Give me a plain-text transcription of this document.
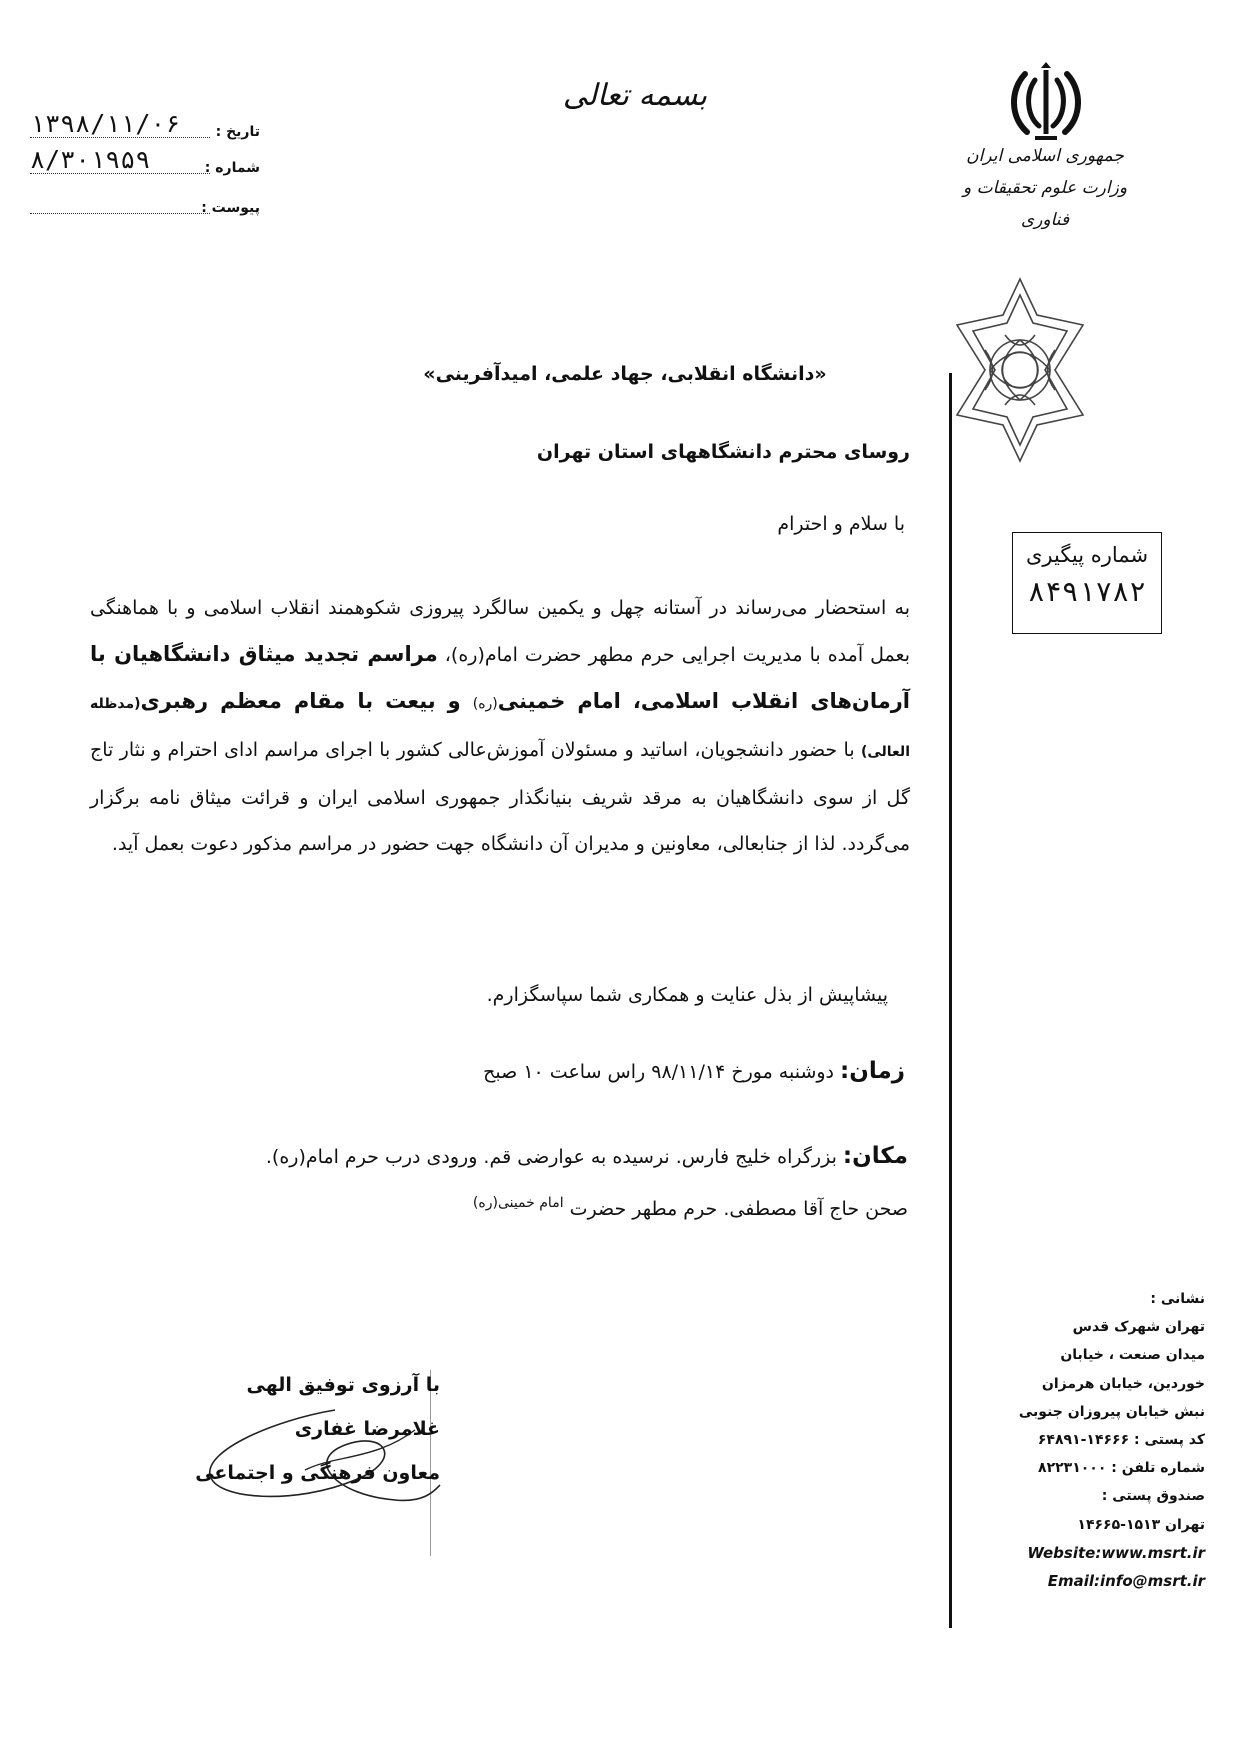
بسمه تعالی
تاریخ :
۱۳۹۸/۱۱/۰۶
شماره :
۸/۳۰۱۹۵۹
پیوست :
جمهوری اسلامی ایران
وزارت علوم تحقیقات و فناوری
شماره پیگیری
۸۴۹۱۷۸۲
«دانشگاه انقلابی، جهاد علمی، امیدآفرینی»
روسای محترم دانشگاههای استان تهران
با سلام و احترام
به استحضار می‌رساند در آستانه چهل و یکمین سالگرد پیروزی شکوهمند انقلاب اسلامی و با هماهنگی بعمل آمده با مدیریت اجرایی حرم مطهر حضرت امام(ره)، مراسم تجدید میثاق دانشگاهیان با آرمان‌های انقلاب اسلامی، امام خمینی(ره) و بیعت با مقام معظم رهبری(مدظله العالی) با حضور دانشجویان، اساتید و مسئولان آموزش‌عالی کشور با اجرای مراسم ادای احترام و نثار تاج گل از سوی دانشگاهیان به مرقد شریف بنیانگذار جمهوری اسلامی ایران و قرائت میثاق نامه برگزار می‌گردد. لذا از جنابعالی، معاونین و مدیران آن دانشگاه جهت حضور در مراسم مذکور دعوت بعمل آید.
پیشاپیش از بذل عنایت و همکاری شما سپاسگزارم.
زمان: دوشنبه مورخ ۹۸/۱۱/۱۴ راس ساعت ۱۰ صبح
مکان: بزرگراه خلیج فارس. نرسیده به عوارضی قم. ورودی درب حرم امام(ره).
صحن حاج آقا مصطفی. حرم مطهر حضرت $^{امام خمینی(ره)}$
با آرزوی توفیق الهی
غلامرضا غفاری
معاون فرهنگی و اجتماعی
نشانی :
تهران شهرک قدس
میدان صنعت ، خیابان
خوردین، خیابان هرمزان
نبش خیابان پیروزان جنوبی
کد پستی : ۱۴۶۶۶-۶۴۸۹۱
شماره تلفن : ۸۲۲۳۱۰۰۰
صندوق پستی :
تهران ۱۵۱۳-۱۴۶۶۵
Website:www.msrt.ir
Email:info@msrt.ir
